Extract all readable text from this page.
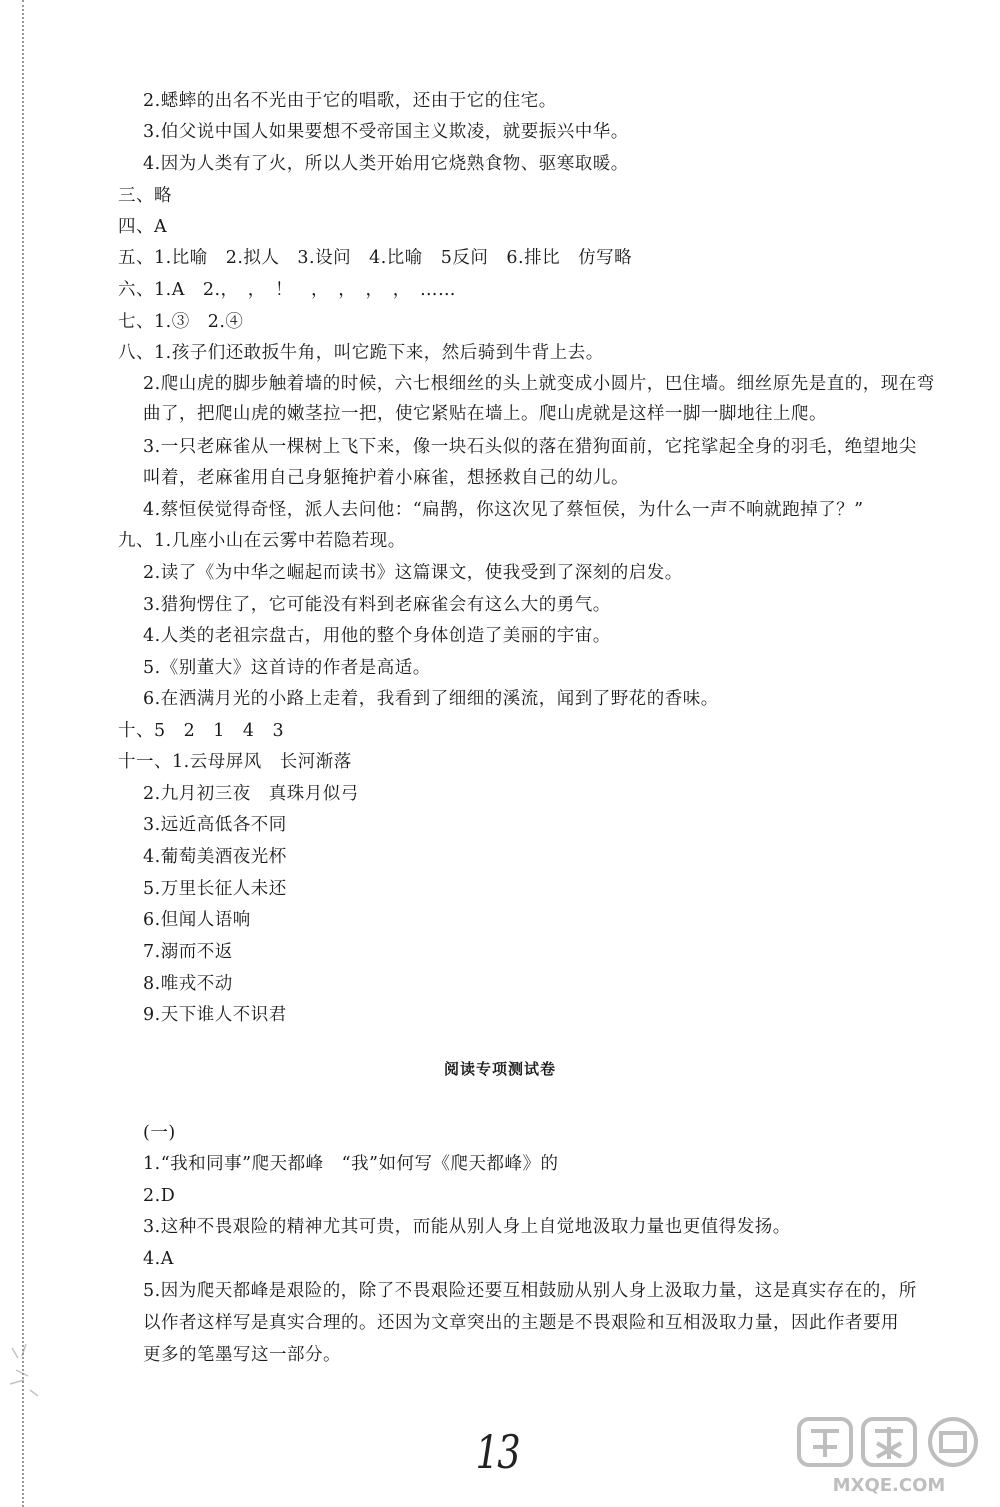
2.蟋蟀的出名不光由于它的唱歌，还由于它的住宅。
3.伯父说中国人如果要想不受帝国主义欺凌，就要振兴中华。
4.因为人类有了火，所以人类开始用它烧熟食物、驱寒取暖。
三、略
四、A
五、1.比喻　2.拟人　3.设问　4.比喻　5反问　6.排比　仿写略
六、1.A　2.，　，　！　，　，　，　，　……
七、1.③　2.④
八、1.孩子们还敢扳牛角，叫它跪下来，然后骑到牛背上去。
2.爬山虎的脚步触着墙的时候，六七根细丝的头上就变成小圆片，巴住墙。细丝原先是直的，现在弯
曲了，把爬山虎的嫩茎拉一把，使它紧贴在墙上。爬山虎就是这样一脚一脚地往上爬。
3.一只老麻雀从一棵树上飞下来，像一块石头似的落在猎狗面前，它挓挲起全身的羽毛，绝望地尖
叫着，老麻雀用自己身躯掩护着小麻雀，想拯救自己的幼儿。
4.蔡恒侯觉得奇怪，派人去问他：“扁鹊，你这次见了蔡恒侯，为什么一声不响就跑掉了？”
九、1.几座小山在云雾中若隐若现。
2.读了《为中华之崛起而读书》这篇课文，使我受到了深刻的启发。
3.猎狗愣住了，它可能没有料到老麻雀会有这么大的勇气。
4.人类的老祖宗盘古，用他的整个身体创造了美丽的宇宙。
5.《别董大》这首诗的作者是高适。
6.在洒满月光的小路上走着，我看到了细细的溪流，闻到了野花的香味。
十、5　2　1　4　3
十一、1.云母屏风　长河渐落
2.九月初三夜　真珠月似弓
3.远近高低各不同
4.葡萄美酒夜光杯
5.万里长征人未还
6.但闻人语响
7.溺而不返
8.唯戎不动
9.天下谁人不识君
(一)
1.“我和同事”爬天都峰　“我”如何写《爬天都峰》的
2.D
3.这种不畏艰险的精神尤其可贵，而能从别人身上自觉地汲取力量也更值得发扬。
4.A
5.因为爬天都峰是艰险的，除了不畏艰险还要互相鼓励从别人身上汲取力量，这是真实存在的，所
以作者这样写是真实合理的。还因为文章突出的主题是不畏艰险和互相汲取力量，因此作者要用
更多的笔墨写这一部分。
阅读专项测试卷
13
MXQE.COM
